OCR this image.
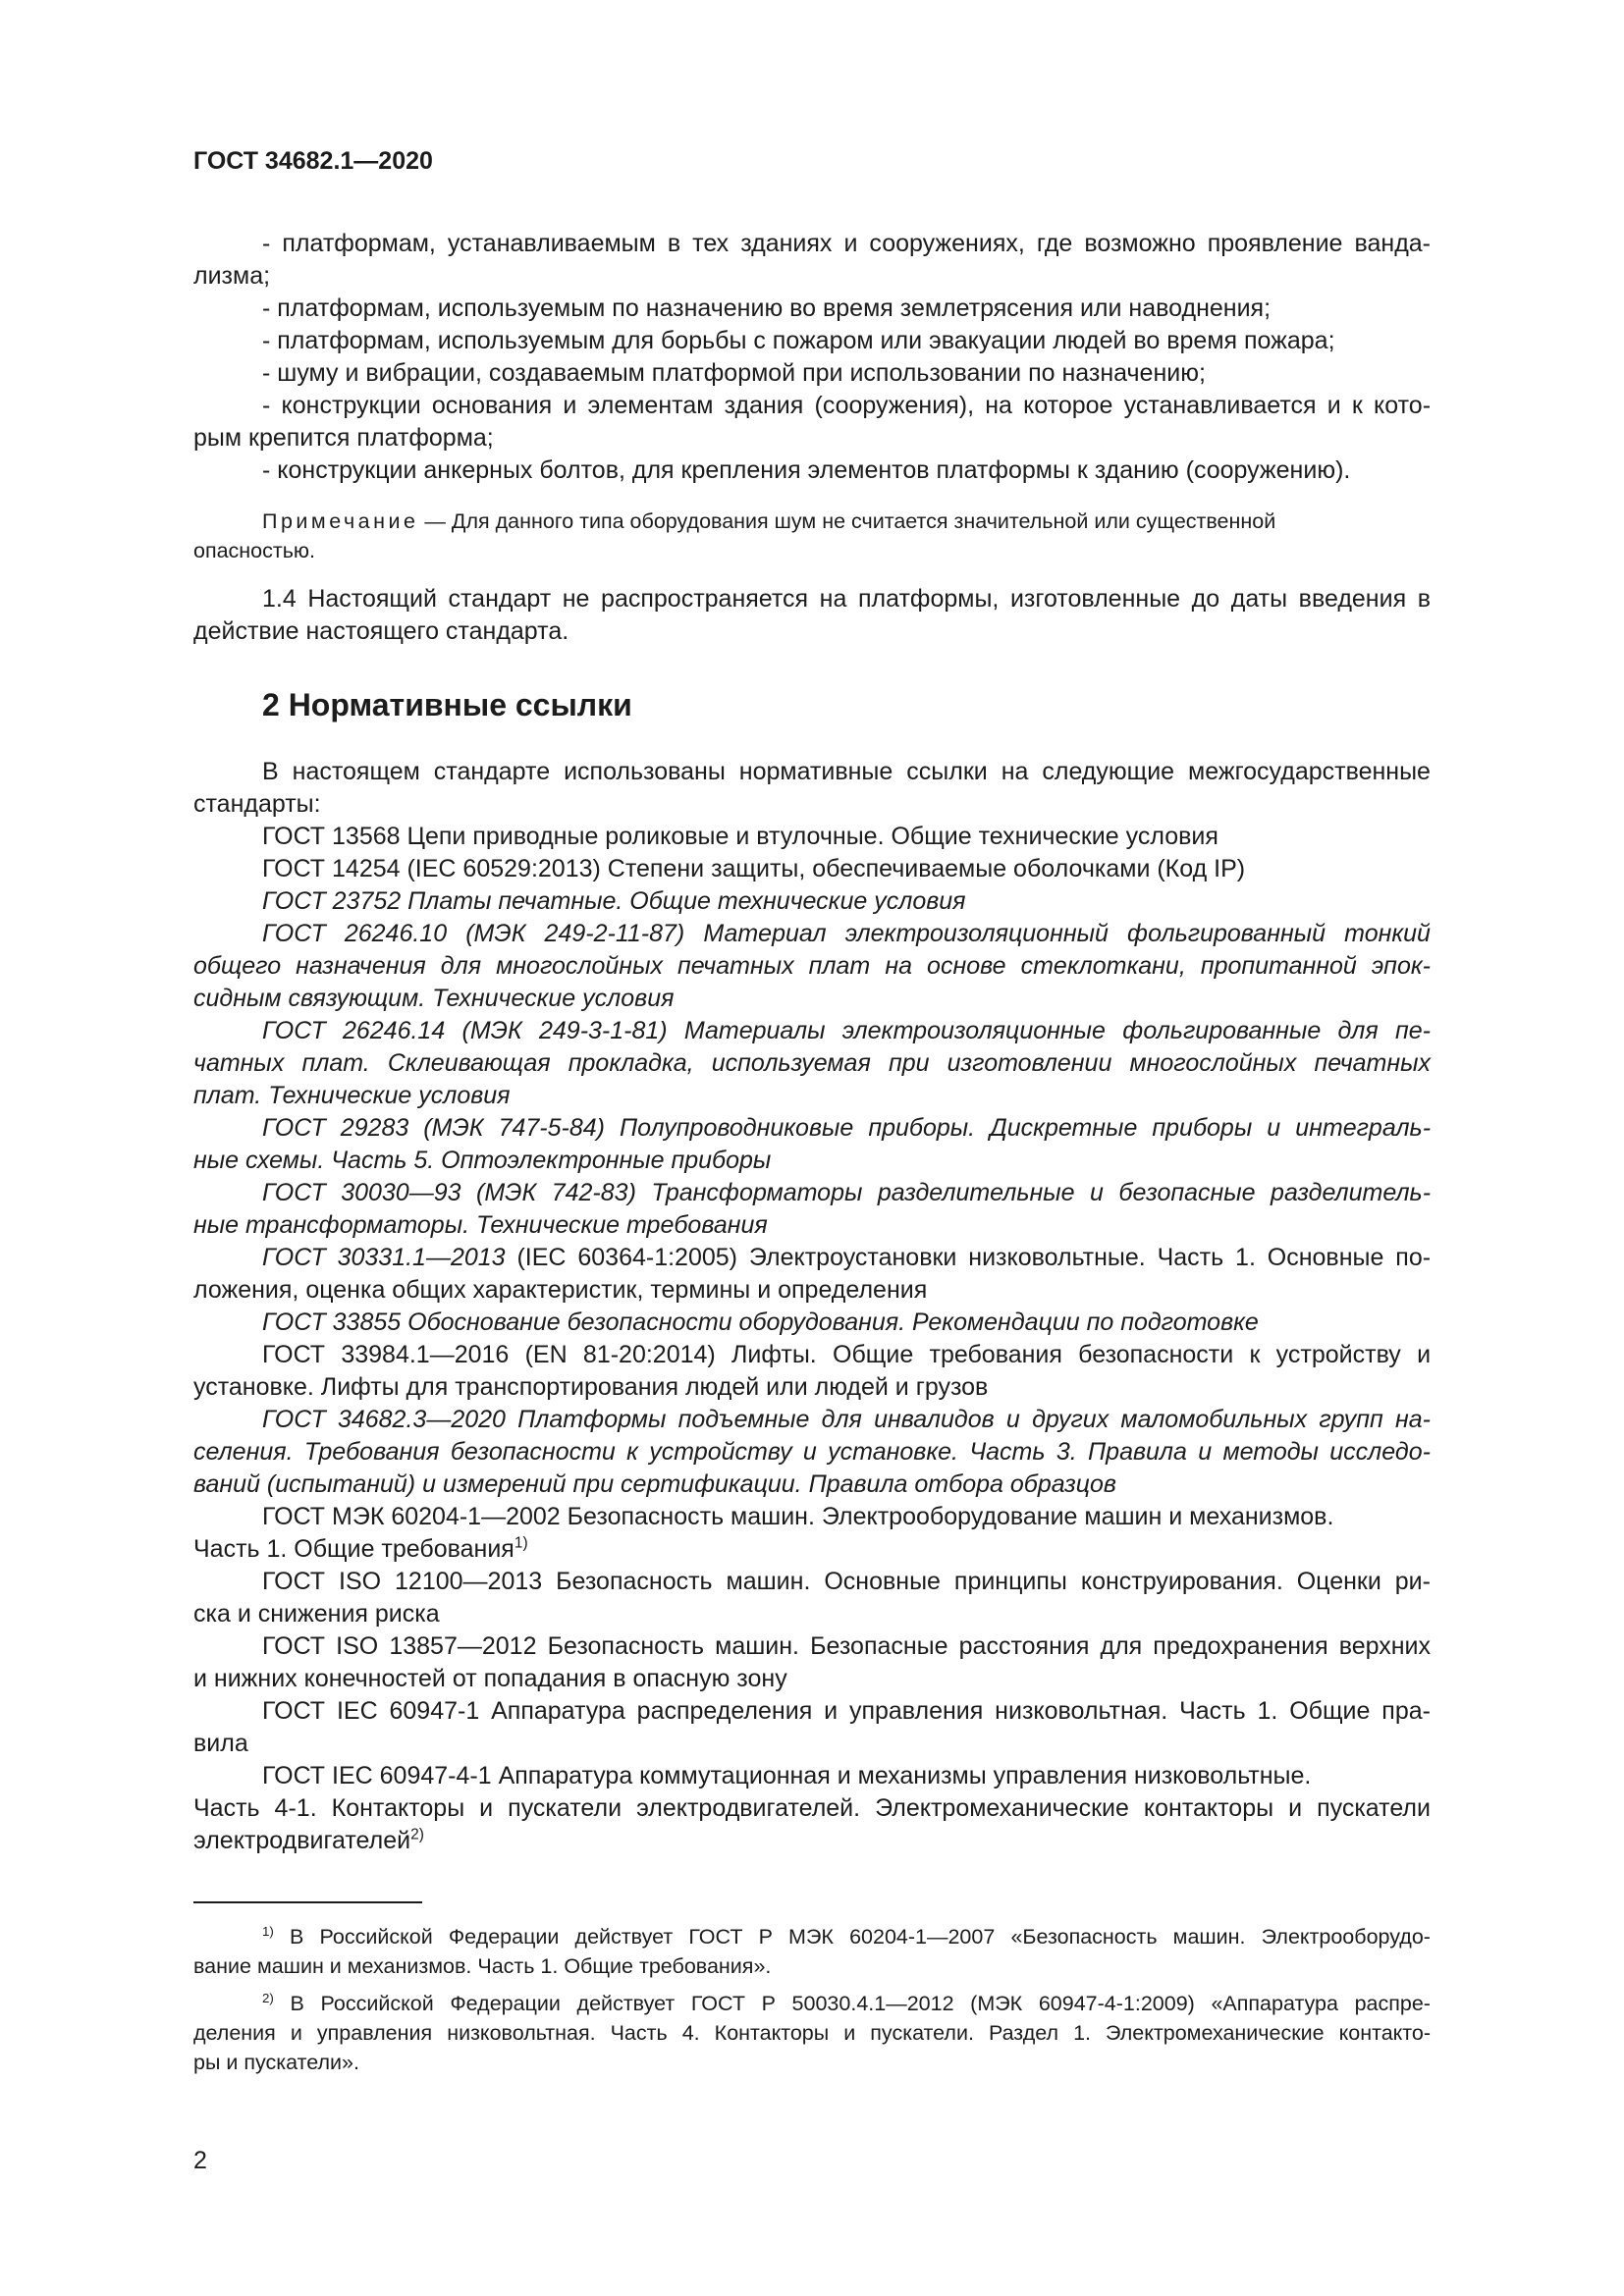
ГОСТ 34682.1—2020
- платформам, устанавливаемым в тех зданиях и сооружениях, где возможно проявление ванда-
лизма;
- платформам, используемым по назначению во время землетрясения или наводнения;
- платформам, используемым для борьбы с пожаром или эвакуации людей во время пожара;
- шуму и вибрации, создаваемым платформой при использовании по назначению;
- конструкции основания и элементам здания (сооружения), на которое устанавливается и к кото-
рым крепится платформа;
- конструкции анкерных болтов, для крепления элементов платформы к зданию (сооружению).
Примечание — Для данного типа оборудования шум не считается значительной или существенной
опасностью.
1.4 Настоящий стандарт не распространяется на платформы, изготовленные до даты введения в
действие настоящего стандарта.
2 Нормативные ссылки
В настоящем стандарте использованы нормативные ссылки на следующие межгосударственные
стандарты:
ГОСТ 13568 Цепи приводные роликовые и втулочные. Общие технические условия
ГОСТ 14254 (IEC 60529:2013) Степени защиты, обеспечиваемые оболочками (Код IP)
ГОСТ 23752 Платы печатные. Общие технические условия
ГОСТ 26246.10 (МЭК 249-2-11-87) Материал электроизоляционный фольгированный тонкий
общего назначения для многослойных печатных плат на основе стеклоткани, пропитанной эпок-
сидным связующим. Технические условия
ГОСТ 26246.14 (МЭК 249-3-1-81) Материалы электроизоляционные фольгированные для пе-
чатных плат. Склеивающая прокладка, используемая при изготовлении многослойных печатных
плат. Технические условия
ГОСТ 29283 (МЭК 747-5-84) Полупроводниковые приборы. Дискретные приборы и интеграль-
ные схемы. Часть 5. Оптоэлектронные приборы
ГОСТ 30030—93 (МЭК 742-83) Трансформаторы разделительные и безопасные разделитель-
ные трансформаторы. Технические требования
ГОСТ 30331.1—2013 (IEC 60364-1:2005) Электроустановки низковольтные. Часть 1. Основные по-
ложения, оценка общих характеристик, термины и определения
ГОСТ 33855 Обоснование безопасности оборудования. Рекомендации по подготовке
ГОСТ 33984.1—2016 (EN 81-20:2014) Лифты. Общие требования безопасности к устройству и
установке. Лифты для транспортирования людей или людей и грузов
ГОСТ 34682.3—2020 Платформы подъемные для инвалидов и других маломобильных групп на-
селения. Требования безопасности к устройству и установке. Часть 3. Правила и методы исследо-
ваний (испытаний) и измерений при сертификации. Правила отбора образцов
ГОСТ МЭК 60204-1—2002 Безопасность машин. Электрооборудование машин и механизмов.
Часть 1. Общие требования$^{1)}$
ГОСТ ISO 12100—2013 Безопасность машин. Основные принципы конструирования. Оценки ри-
ска и снижения риска
ГОСТ ISO 13857—2012 Безопасность машин. Безопасные расстояния для предохранения верхних
и нижних конечностей от попадания в опасную зону
ГОСТ IEC 60947-1 Аппаратура распределения и управления низковольтная. Часть 1. Общие пра-
вила
ГОСТ IEC 60947-4-1 Аппаратура коммутационная и механизмы управления низковольтные.
Часть 4-1. Контакторы и пускатели электродвигателей. Электромеханические контакторы и пускатели
электродвигателей$^{2)}$
$^{1)}$ В Российской Федерации действует ГОСТ Р МЭК 60204-1—2007 «Безопасность машин. Электрооборудо-
вание машин и механизмов. Часть 1. Общие требования».
$^{2)}$ В Российской Федерации действует ГОСТ Р 50030.4.1—2012 (МЭК 60947-4-1:2009) «Аппаратура распре-
деления и управления низковольтная. Часть 4. Контакторы и пускатели. Раздел 1. Электромеханические контакто-
ры и пускатели».
2
